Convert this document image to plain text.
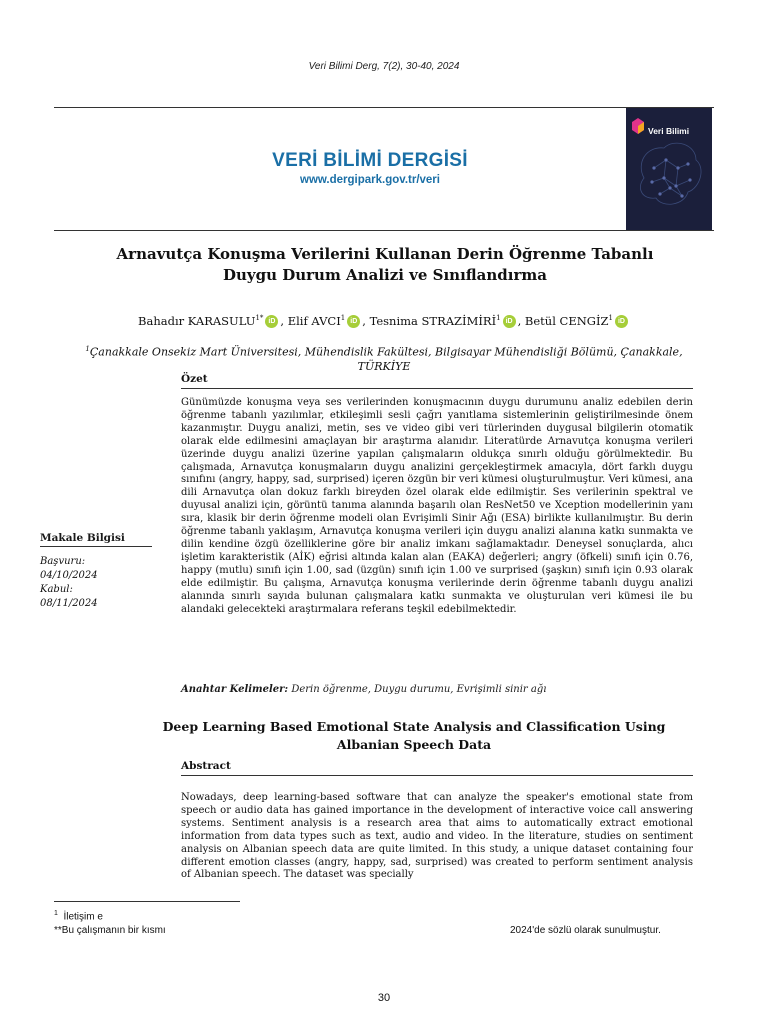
Veri Bilimi Derg, 7(2), 30-40, 2024
VERİ BİLİMİ DERGİSİ
www.dergipark.gov.tr/veri
Veri Bilimi
Arnavutça Konuşma Verilerini Kullanan Derin Öğrenme Tabanlı
Duygu Durum Analizi ve Sınıflandırma
Bahadır $KARASULU^{1*}$ iD , Elif AVCI$^1$ iD , Tesnima STRAZİMİRİ$^1$ iD , Betül CENGİZ$^1$ iD
$^1$Çanakkale Onsekiz Mart Üniversitesi, Mühendislik Fakültesi, Bilgisayar Mühendisliği Bölümü, Çanakkale,
TÜRKİYE
Özet
Günümüzde konuşma veya ses verilerinden konuşmacının duygu durumunu analiz edebilen derin öğrenme tabanlı yazılımlar, etkileşimli sesli çağrı yanıtlama sistemlerinin geliştirilmesinde önem kazanmıştır. Duygu analizi, metin, ses ve video gibi veri türlerinden duygusal bilgilerin otomatik olarak elde edilmesini amaçlayan bir araştırma alanıdır. Literatürde Arnavutça konuşma verileri üzerinde duygu analizi üzerine yapılan çalışmaların oldukça sınırlı olduğu görülmektedir. Bu çalışmada, Arnavutça konuşmaların duygu analizini gerçekleştirmek amacıyla, dört farklı duygu sınıfını (angry, happy, sad, surprised) içeren özgün bir veri kümesi oluşturulmuştur. Veri kümesi, ana dili Arnavutça olan dokuz farklı bireyden özel olarak elde edilmiştir. Ses verilerinin spektral ve duyusal analizi için, görüntü tanıma alanında başarılı olan ResNet50 ve Xception modellerinin yanı sıra, klasik bir derin öğrenme modeli olan Evrişimli Sinir Ağı (ESA) birlikte kullanılmıştır. Bu derin öğrenme tabanlı yaklaşım, Arnavutça konuşma verileri için duygu analizi alanına katkı sunmakta ve dilin kendine özgü özelliklerine göre bir analiz imkanı sağlamaktadır. Deneysel sonuçlarda, alıcı işletim karakteristik (AİK) eğrisi altında kalan alan (EAKA) değerleri; angry (öfkeli) sınıfı için 0.76, happy (mutlu) sınıfı için 1.00, sad (üzgün) sınıfı için 1.00 ve surprised (şaşkın) sınıfı için 0.93 olarak elde edilmiştir. Bu çalışma, Arnavutça konuşma verilerinde derin öğrenme tabanlı duygu analizi alanında sınırlı sayıda bulunan çalışmalara katkı sunmakta ve oluşturulan veri kümesi ile bu alandaki gelecekteki araştırmalara referans teşkil edebilmektedir.
Makale Bilgisi
Başvuru:
04/10/2024
Kabul:
08/11/2024
Anahtar Kelimeler: Derin öğrenme, Duygu durumu, Evrişimli sinir ağı
Deep Learning Based Emotional State Analysis and Classification Using
Albanian Speech Data
Abstract
Nowadays, deep learning-based software that can analyze the speaker's emotional state from speech or audio data has gained importance in the development of interactive voice call answering systems. Sentiment analysis is a research area that aims to automatically extract emotional information from data types such as text, audio and video. In the literature, studies on sentiment analysis on Albanian speech data are quite limited. In this study, a unique dataset containing four different emotion classes (angry, happy, sad, surprised) was created to perform sentiment analysis of Albanian speech. The dataset was specially
$^1$ İletişim e
**Bu çalışmanın bir kısmı	2024'de sözlü olarak sunulmuştur.
30
